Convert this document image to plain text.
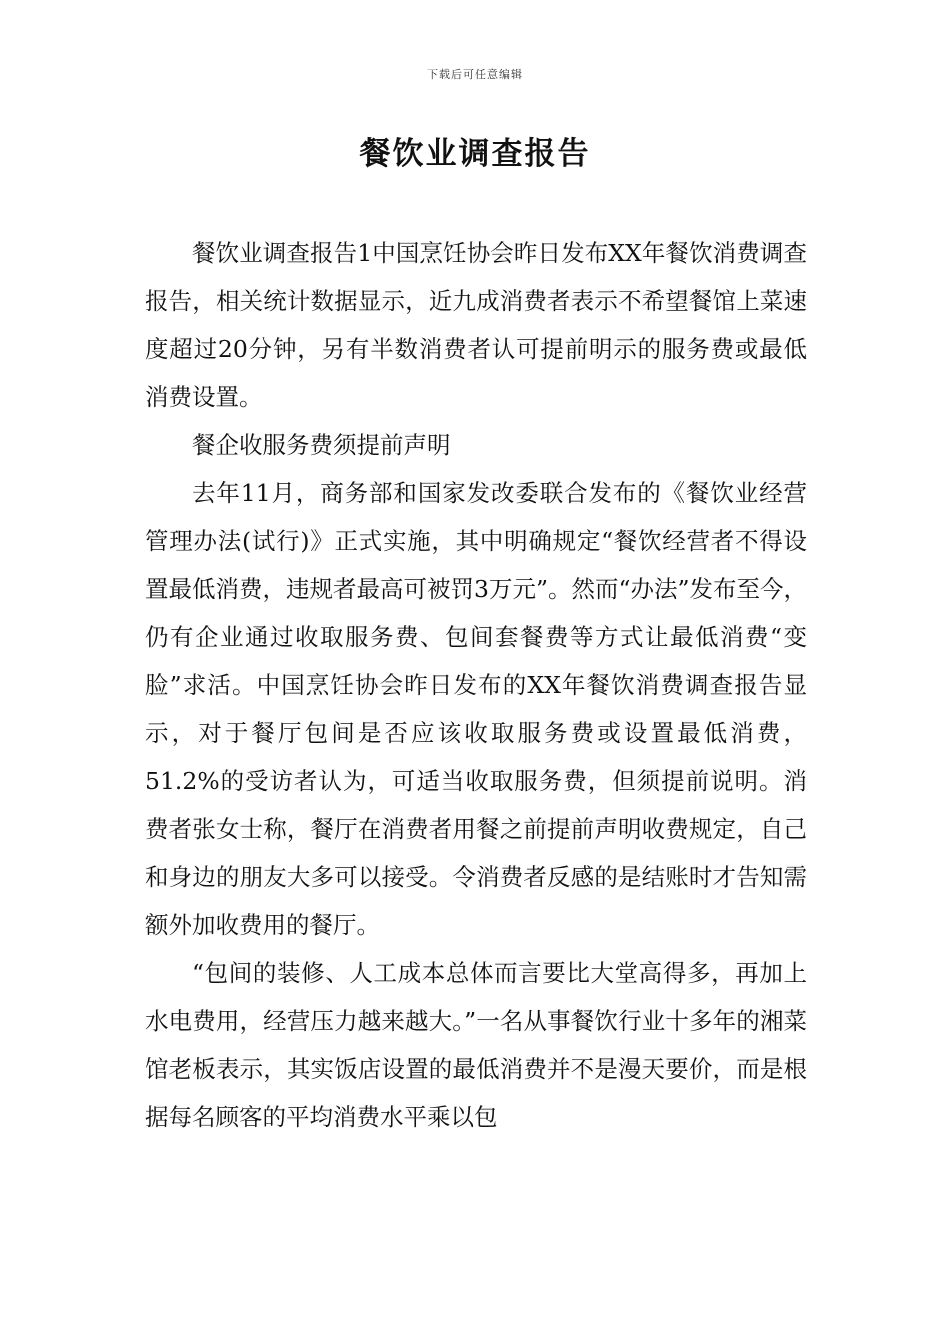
下载后可任意编辑
餐饮业调查报告

餐饮业调查报告1中国烹饪协会昨日发布XX年餐饮消费调查报告，相关统计数据显示，近九成消费者表示不希望餐馆上菜速度超过20分钟，另有半数消费者认可提前明示的服务费或最低消费设置。

餐企收服务费须提前声明

去年11月，商务部和国家发改委联合发布的《餐饮业经营管理办法(试行)》正式实施，其中明确规定“餐饮经营者不得设置最低消费，违规者最高可被罚3万元”。然而“办法”发布至今，仍有企业通过收取服务费、包间套餐费等方式让最低消费“变脸”求活。中国烹饪协会昨日发布的XX年餐饮消费调查报告显示，对于餐厅包间是否应该收取服务费或设置最低消费，51.2%的受访者认为，可适当收取服务费，但须提前说明。消费者张女士称，餐厅在消费者用餐之前提前声明收费规定，自己和身边的朋友大多可以接受。令消费者反感的是结账时才告知需额外加收费用的餐厅。

“包间的装修、人工成本总体而言要比大堂高得多，再加上水电费用，经营压力越来越大。”一名从事餐饮行业十多年的湘菜馆老板表示，其实饭店设置的最低消费并不是漫天要价，而是根据每名顾客的平均消费水平乘以包
